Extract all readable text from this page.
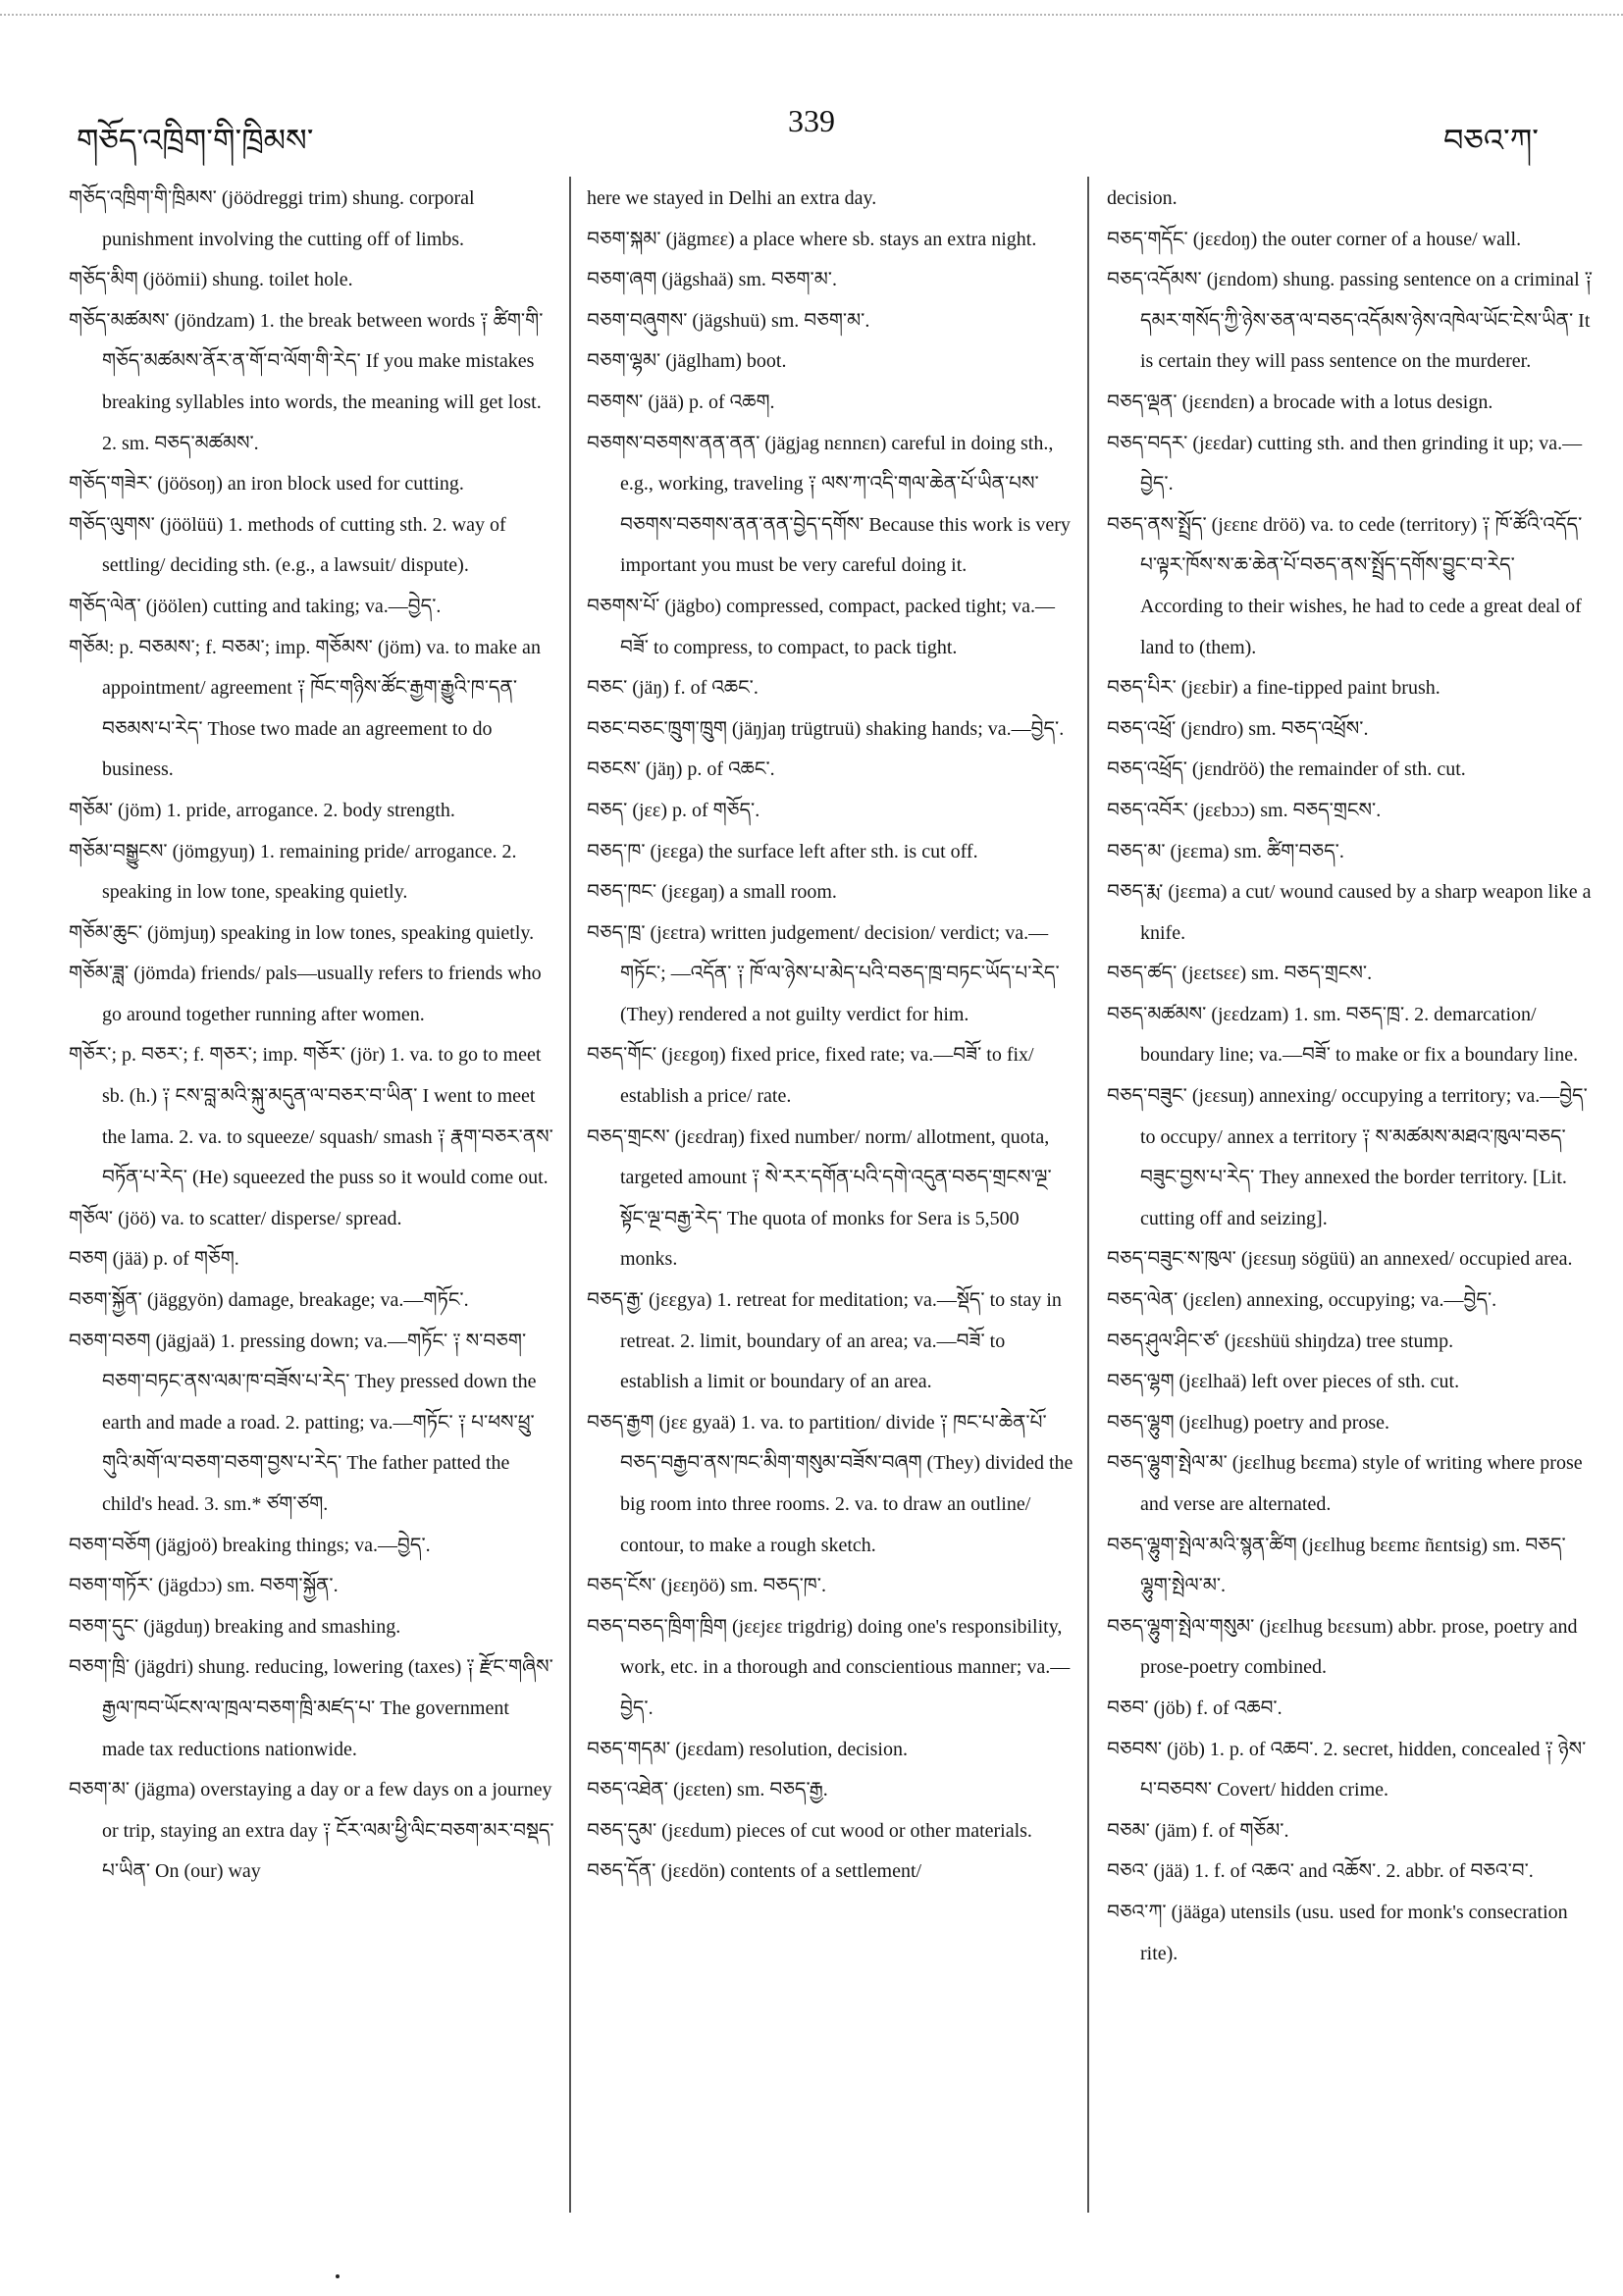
གཅོད་འཁྲིག་གི་ཁྲིམས་
339
བཅའ་ཀ་

གཅོད་འཁྲིག་གི་ཁྲིམས་ (jöödreggi trim) shung. corporal punishment involving the cutting off of limbs.

གཅོད་མིག (jöömii) shung. toilet hole.

གཅོད་མཚམས་ (jöndzam) 1. the break between words ༑ ཚིག་གི་གཅོད་མཚམས་ནོར་ན་གོ་བ་ལོག་གི་རེད་ If you make mistakes breaking syllables into words, the meaning will get lost. 2. sm. བཅད་མཚམས་.

གཅོད་གཟེར་ (jöösoŋ) an iron block used for cutting.

གཅོད་ལུགས་ (jöölüü) 1. methods of cutting sth. 2. way of settling/ deciding sth. (e.g., a lawsuit/ dispute).

གཅོད་ལེན་ (jöölen) cutting and taking; va.—བྱེད་.

གཅོམ: p. བཅམས་; f. བཅམ་; imp. གཅོམས་ (jöm) va. to make an appointment/ agreement ༑ ཁོང་གཉིས་ཚོང་རྒྱག་རྒྱུའི་ཁ་དན་བཅམས་པ་རེད་ Those two made an agreement to do business.

གཅོམ་ (jöm) 1. pride, arrogance. 2. body strength.

གཅོམ་བསྒྱུངས་ (jömgyuŋ) 1. remaining pride/ arrogance. 2. speaking in low tone, speaking quietly.

གཅོམ་ཆུང་ (jömjuŋ) speaking in low tones, speaking quietly.

གཅོམ་ཟླ་ (jömda) friends/ pals—usually refers to friends who go around together running after women.

གཅོར་; p. བཅར་; f. གཅར་; imp. གཅོར་ (jör) 1. va. to go to meet sb. (h.) ༑ ངས་བླ་མའི་སྐུ་མདུན་ལ་བཅར་བ་ཡིན་ I went to meet the lama. 2. va. to squeeze/ squash/ smash ༑ རྣག་བཅར་ནས་བཏོན་པ་རེད་ (He) squeezed the puss so it would come out.

གཅོལ་ (jöö) va. to scatter/ disperse/ spread.

བཅག (jää) p. of གཅོག.

བཅག་སྐྱོན་ (jäggyön) damage, breakage; va.—གཏོང་.

བཅག་བཅག (jägjaä) 1. pressing down; va.—གཏོང་ ༑ ས་བཅག་བཅག་བཏང་ནས་ལམ་ཁ་བཟོས་པ་རེད་ They pressed down the earth and made a road. 2. patting; va.—གཏོང་ ༑ པ་ཕས་ཕྲུ་གུའི་མགོ་ལ་བཅག་བཅག་བྱས་པ་རེད་ The father patted the child's head. 3. sm.* ཙག་ཙག.

བཅག་བཅོག (jägjoö) breaking things; va.—བྱེད་.

བཅག་གཏོར་ (jägdɔɔ) sm. བཅག་སྐྱོན་.

བཅག་དུང་ (jägduŋ) breaking and smashing.

བཅག་ཁྲི་ (jägdri) shung. reducing, lowering (taxes) ༑ རྫོང་གཞིས་རྒྱལ་ཁབ་ཡོངས་ལ་ཁྲལ་བཅག་ཁྲི་མཛད་པ་ The government made tax reductions nationwide.

བཅག་མ་ (jägma) overstaying a day or a few days on a journey or trip, staying an extra day ༑ ངོར་ལམ་ཕྱི་ལིང་བཅག་མར་བསྡད་པ་ཡིན་ On (our) way

here we stayed in Delhi an extra day.

བཅག་སྐམ་ (jägmɛɛ) a place where sb. stays an extra night.

བཅག་ཞག (jägshaä) sm. བཅག་མ་.

བཅག་བཞུགས་ (jägshuü) sm. བཅག་མ་.

བཅག་ལྷམ་ (jäglham) boot.

བཅགས་ (jää) p. of འཆག.

བཅགས་བཅགས་ནན་ནན་ (jägjag nɛnnɛn) careful in doing sth., e.g., working, traveling ༑ ལས་ཀ་འདི་གལ་ཆེན་པོ་ཡིན་པས་བཅགས་བཅགས་ནན་ནན་བྱེད་དགོས་ Because this work is very important you must be very careful doing it.

བཅགས་པོ་ (jägbo) compressed, compact, packed tight; va.—བཟོ་ to compress, to compact, to pack tight.

བཅང་ (jäŋ) f. of འཆང་.

བཅང་བཅང་ཁྲུག་ཁྲུག (jäŋjaŋ trügtruü) shaking hands; va.—བྱེད་.

བཅངས་ (jäŋ) p. of འཆང་.

བཅད་ (jɛɛ) p. of གཅོད་.

བཅད་ཁ་ (jɛɛga) the surface left after sth. is cut off.

བཅད་ཁང་ (jɛɛgaŋ) a small room.

བཅད་ཁྲ་ (jɛɛtra) written judgement/ decision/ verdict; va.—གཏོང་; —འདོན་ ༑ ཁོ་ལ་ཉེས་པ་མེད་པའི་བཅད་ཁྲ་བཏང་ཡོད་པ་རེད་ (They) rendered a not guilty verdict for him.

བཅད་གོང་ (jɛɛgoŋ) fixed price, fixed rate; va.—བཟོ་ to fix/ establish a price/ rate.

བཅད་གྲངས་ (jɛɛdraŋ) fixed number/ norm/ allotment, quota, targeted amount ༑ སེ་རར་དགོན་པའི་དགེ་འདུན་བཅད་གྲངས་ལྔ་སྟོང་ལྔ་བརྒྱ་རེད་ The quota of monks for Sera is 5,500 monks.

བཅད་རྒྱ་ (jɛɛgya) 1. retreat for meditation; va.—སྡོད་ to stay in retreat. 2. limit, boundary of an area; va.—བཟོ་ to establish a limit or boundary of an area.

བཅད་རྒྱག (jɛɛ gyaä) 1. va. to partition/ divide ༑ ཁང་པ་ཆེན་པོ་བཅད་བརྒྱབ་ནས་ཁང་མིག་གསུམ་བཟོས་བཞག (They) divided the big room into three rooms. 2. va. to draw an outline/ contour, to make a rough sketch.

བཅད་ངོས་ (jɛɛŋöö) sm. བཅད་ཁ་.

བཅད་བཅད་ཁྲིག་ཁྲིག (jɛɛjɛɛ trigdrig) doing one's responsibility, work, etc. in a thorough and conscientious manner; va.—བྱེད་.

བཅད་གདམ་ (jɛɛdam) resolution, decision.

བཅད་འཐེན་ (jɛɛten) sm. བཅད་རྒྱ.

བཅད་དུམ་ (jɛɛdum) pieces of cut wood or other materials.

བཅད་དོན་ (jɛɛdön) contents of a settlement/

decision.

བཅད་གདོང་ (jɛɛdoŋ) the outer corner of a house/ wall.

བཅད་འདོམས་ (jɛndom) shung. passing sentence on a criminal ༑ དམར་གསོད་ཀྱི་ཉེས་ཅན་ལ་བཅད་འདོམས་ཉེས་འཁེལ་ཡོང་ངེས་ཡིན་ It is certain they will pass sentence on the murderer.

བཅད་ལྡན་ (jɛɛndɛn) a brocade with a lotus design.

བཅད་བདར་ (jɛɛdar) cutting sth. and then grinding it up; va.—བྱེད་.

བཅད་ནས་སྤྲོད་ (jɛɛnɛ dröö) va. to cede (territory) ༑ ཁོ་ཚོའི་འདོད་པ་ལྟར་ཁོས་ས་ཆ་ཆེན་པོ་བཅད་ནས་སྤྲོད་དགོས་བྱུང་བ་རེད་ According to their wishes, he had to cede a great deal of land to (them).

བཅད་པིར་ (jɛɛbir) a fine-tipped paint brush.

བཅད་འཕྲོ་ (jɛndro) sm. བཅད་འཕྲོས་.

བཅད་འཕྲོད་ (jɛndröö) the remainder of sth. cut.

བཅད་འབོར་ (jɛɛbɔɔ) sm. བཅད་གྲངས་.

བཅད་མ་ (jɛɛma) sm. ཚིག་བཅད་.

བཅད་རྨ་ (jɛɛma) a cut/ wound caused by a sharp weapon like a knife.

བཅད་ཚད་ (jɛɛtsɛɛ) sm. བཅད་གྲངས་.

བཅད་མཚམས་ (jɛɛdzam) 1. sm. བཅད་ཁྲ་. 2. demarcation/ boundary line; va.—བཟོ་ to make or fix a boundary line.

བཅད་བཟུང་ (jɛɛsuŋ) annexing/ occupying a territory; va.—བྱེད་ to occupy/ annex a territory ༑ ས་མཚམས་མཐའ་ཁུལ་བཅད་བཟུང་བྱས་པ་རེད་ They annexed the border territory. [Lit. cutting off and seizing].

བཅད་བཟུང་ས་ཁུལ་ (jɛɛsuŋ sögüü) an annexed/ occupied area.

བཅད་ལེན་ (jɛɛlen) annexing, occupying; va.—བྱེད་.

བཅད་ཤུལ་ཤིང་ཙ་ (jɛɛshüü shiŋdza) tree stump.

བཅད་ལྷག (jɛɛlhaä) left over pieces of sth. cut.

བཅད་ལྷུག (jɛɛlhug) poetry and prose.

བཅད་ལྷུག་སྤེལ་མ་ (jɛɛlhug bɛɛma) style of writing where prose and verse are alternated.

བཅད་ལྷུག་སྤེལ་མའི་སྙན་ཚིག (jɛɛlhug bɛɛmɛ ñɛntsig) sm. བཅད་ལྷུག་སྤེལ་མ་.

བཅད་ལྷུག་སྤེལ་གསུམ་ (jɛɛlhug bɛɛsum) abbr. prose, poetry and prose-poetry combined.

བཅབ་ (jöb) f. of འཆབ་.

བཅབས་ (jöb) 1. p. of འཆབ་. 2. secret, hidden, concealed ༑ ཉེས་པ་བཅབས་ Covert/ hidden crime.

བཅམ་ (jäm) f. of གཅོམ་.

བཅའ་ (jää) 1. f. of འཆའ་ and འཆོས་. 2. abbr. of བཅའ་བ་.

བཅའ་ཀ་ (jääga) utensils (usu. used for monk's consecration rite).
